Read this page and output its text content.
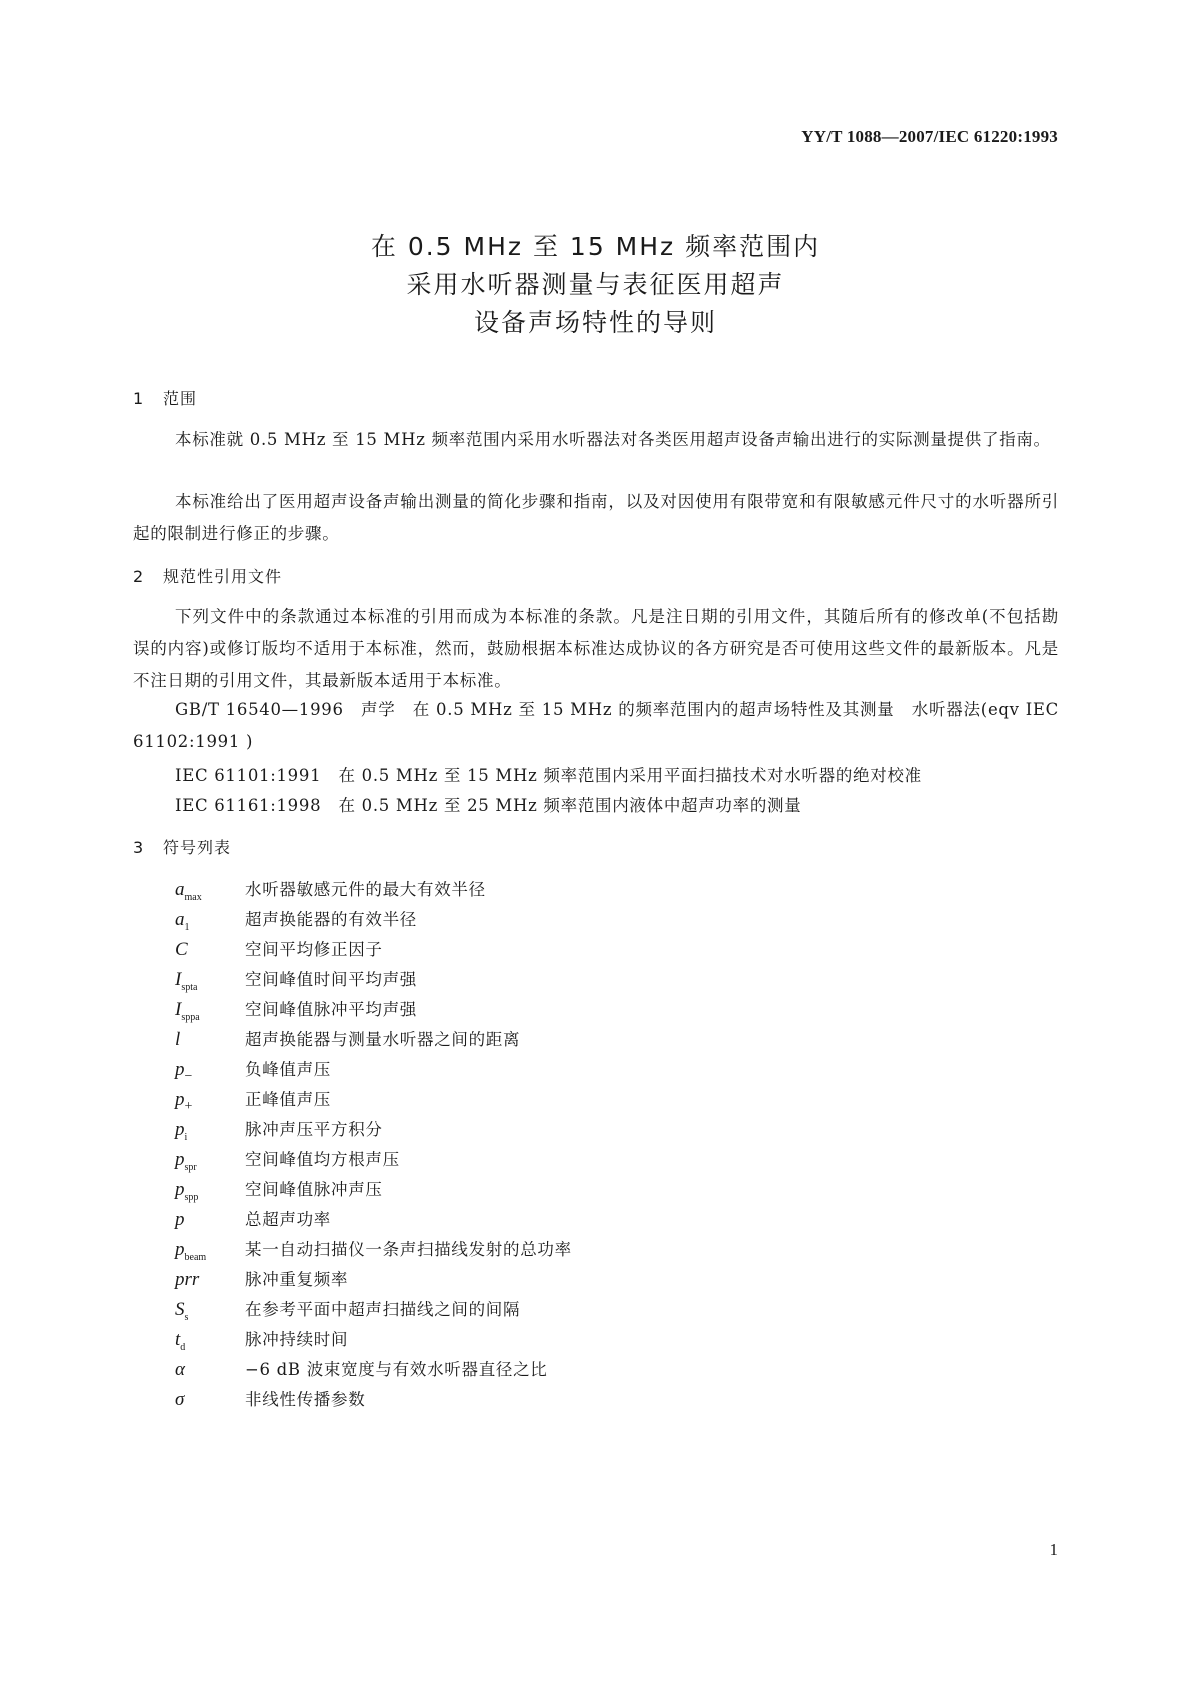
YY/T 1088—2007/IEC 61220:1993
在 0.5 MHz 至 15 MHz 频率范围内
采用水听器测量与表征医用超声
设备声场特性的导则
1 范围

本标准就 0.5 MHz 至 15 MHz 频率范围内采用水听器法对各类医用超声设备声输出进行的实际测量提供了指南。

本标准给出了医用超声设备声输出测量的简化步骤和指南，以及对因使用有限带宽和有限敏感元件尺寸的水听器所引起的限制进行修正的步骤。

2 规范性引用文件

下列文件中的条款通过本标准的引用而成为本标准的条款。凡是注日期的引用文件，其随后所有的修改单(不包括勘误的内容)或修订版均不适用于本标准，然而，鼓励根据本标准达成协议的各方研究是否可使用这些文件的最新版本。凡是不注日期的引用文件，其最新版本适用于本标准。

GB/T 16540—1996　声学　在 0.5 MHz 至 15 MHz 的频率范围内的超声场特性及其测量　水听器法(eqv IEC 61102:1991 )

IEC 61101:1991　在 0.5 MHz 至 15 MHz 频率范围内采用平面扫描技术对水听器的绝对校准
IEC 61161:1998　在 0.5 MHz 至 25 MHz 频率范围内液体中超声功率的测量
3 符号列表
$a_{max}$	水听器敏感元件的最大有效半径
$a_1$	超声换能器的有效半径
C	空间平均修正因子
$I_{spta}$	空间峰值时间平均声强
$I_{sppa}$	空间峰值脉冲平均声强
l	超声换能器与测量水听器之间的距离
$p_-$	负峰值声压
$p_+$	正峰值声压
$p_i$	脉冲声压平方积分
$p_{spr}$	空间峰值均方根声压
$p_{spp}$	空间峰值脉冲声压
p	总超声功率
$p_{beam}$ 某一自动扫描仪一条声扫描线发射的总功率
prr	脉冲重复频率
$S_s$	在参考平面中超声扫描线之间的间隔
$t_d$	脉冲持续时间
α	−6 dB 波束宽度与有效水听器直径之比
σ	非线性传播参数
1
